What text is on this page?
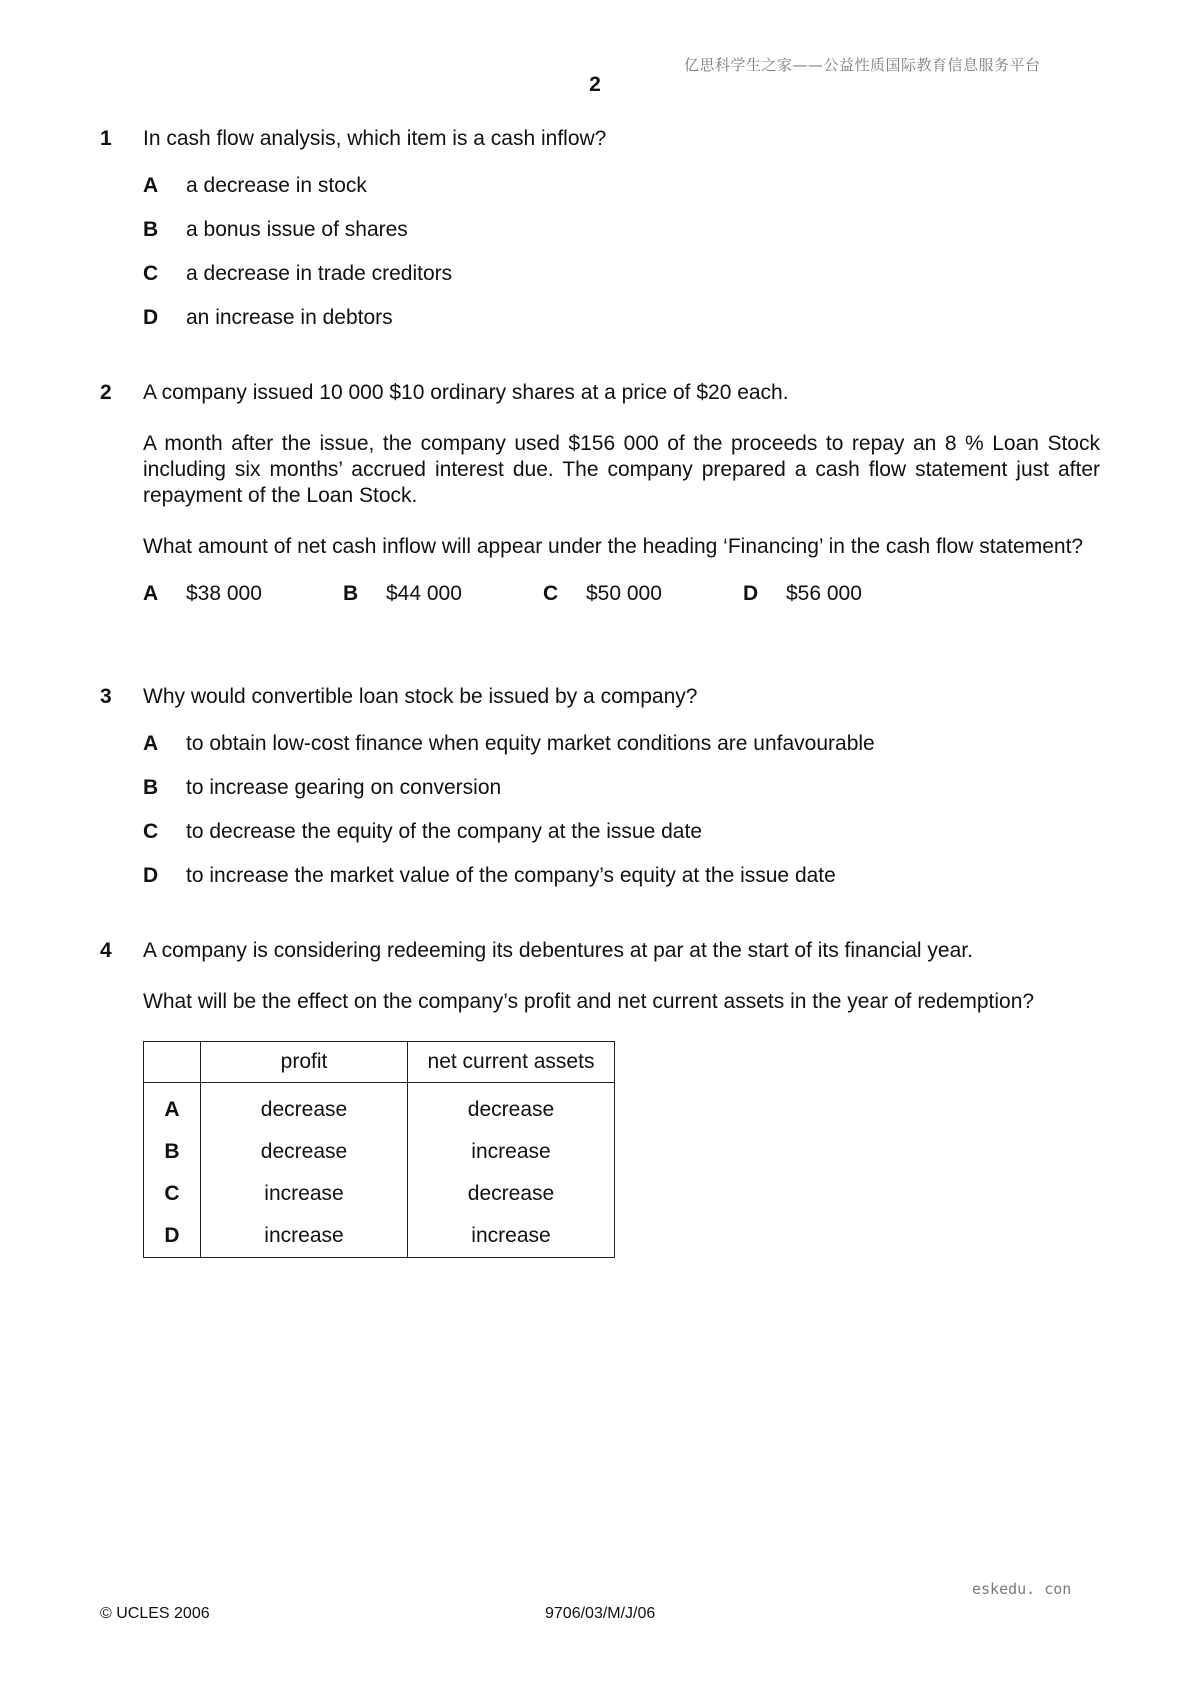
亿思科学生之家——公益性质国际教育信息服务平台
2
1	In cash flow analysis, which item is a cash inflow?

A a decrease in stock
B a bonus issue of shares
C a decrease in trade creditors
D an increase in debtors
2	A company issued 10 000 $10 ordinary shares at a price of $20 each.

A month after the issue, the company used $156 000 of the proceeds to repay an 8 % Loan Stock including six months’ accrued interest due. The company prepared a cash flow statement just after repayment of the Loan Stock.

What amount of net cash inflow will appear under the heading ‘Financing’ in the cash flow statement?

A $38 000	B $44 000	C $50 000	D $56 000
3	Why would convertible loan stock be issued by a company?

A to obtain low-cost finance when equity market conditions are unfavourable
B to increase gearing on conversion
C to decrease the equity of the company at the issue date
D to increase the market value of the company’s equity at the issue date
4	A company is considering redeeming its debentures at par at the start of its financial year.

What will be the effect on the company’s profit and net current assets in the year of redemption?

	profit	net current assets
A	decrease	decrease
B	decrease	increase
C	increase	decrease
D	increase	increase
eskedu. con
© UCLES 2006	9706/03/M/J/06
